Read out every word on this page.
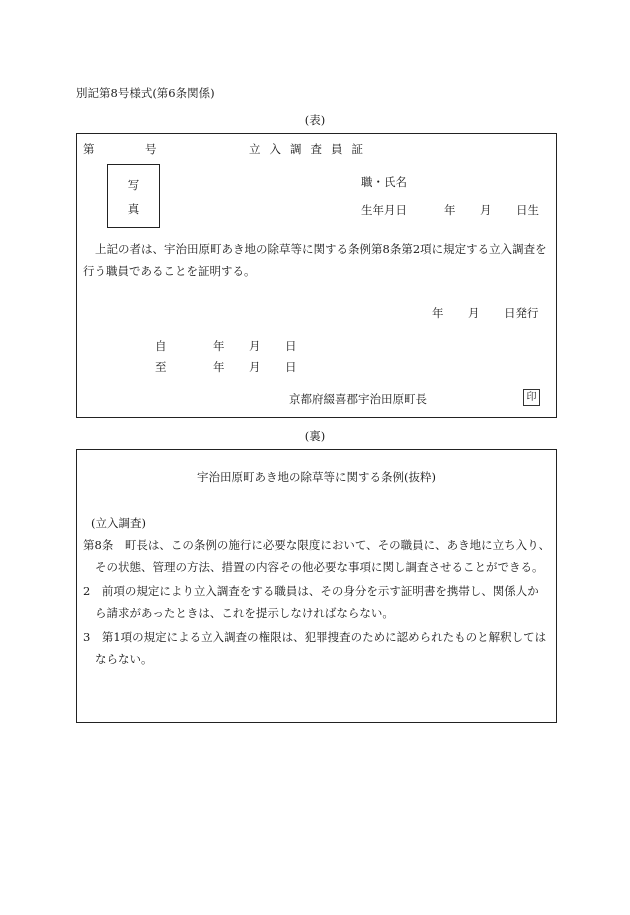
別記第8号様式(第6条関係)
(表)
第	号	立入調査員証
写
真
職・氏名
生年月日	年 月 日生
上記の者は、宇治田原町あき地の除草等に関する条例第8条第2項に規定する立入調査を
行う職員であることを証明する。
年 月 日発行
自	年 月 日
至	年 月 日
京都府綴喜郡宇治田原町長	印
(裏)
宇治田原町あき地の除草等に関する条例(抜粋)
(立入調査)
第8条　町長は、この条例の施行に必要な限度において、その職員に、あき地に立ち入り、
その状態、管理の方法、措置の内容その他必要な事項に関し調査させることができる。
2　前項の規定により立入調査をする職員は、その身分を示す証明書を携帯し、関係人か
ら請求があったときは、これを提示しなければならない。
3　第1項の規定による立入調査の権限は、犯罪捜査のために認められたものと解釈しては
ならない。
